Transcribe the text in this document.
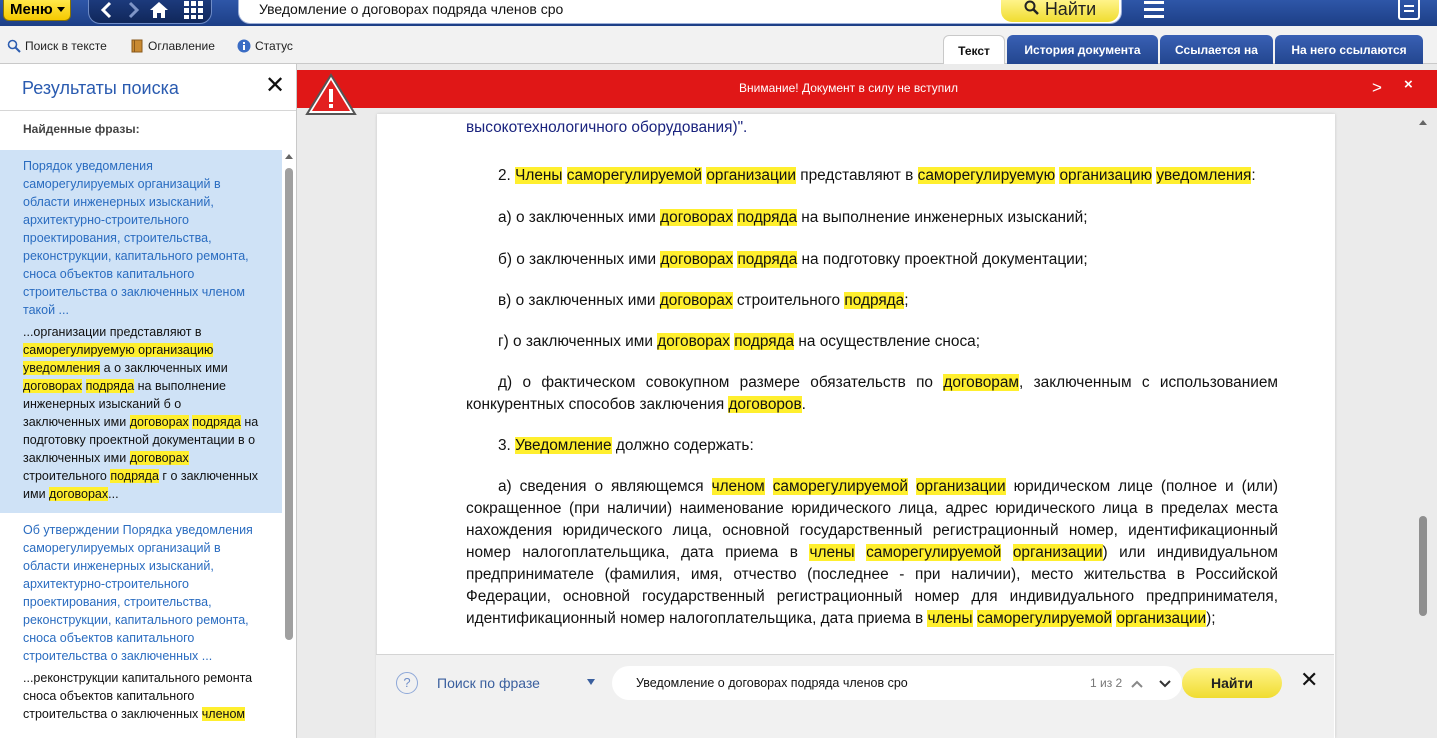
Меню	Уведомление о договорах подряда членов сро	Найти
Поиск в тексте	Оглавление	Статус	Текст	История документа	Ссылается на	На него ссылаются
Результаты поиска	✕
Найденные фразы:
Порядок уведомления саморегулируемых организаций в области инженерных изысканий, архитектурно-строительного проектирования, строительства, реконструкции, капитального ремонта, сноса объектов капитального строительства о заключенных членом такой ...
...организации представляют в саморегулируемую организацию уведомления а о заключенных ими договорах подряда на выполнение инженерных изысканий б о заключенных ими договорах подряда на подготовку проектной документации в о заключенных ими договорах строительного подряда г о заключенных ими договорах...
Об утверждении Порядка уведомления саморегулируемых организаций в области инженерных изысканий, архитектурно-строительного проектирования, строительства, реконструкции, капитального ремонта, сноса объектов капитального строительства о заключенных ...
...реконструкции капитального ремонта сноса объектов капитального строительства о заключенных членом

высокотехнологичного оборудования)".

2. Члены саморегулируемой организации представляют в саморегулируемую организацию уведомления:

а) о заключенных ими договорах подряда на выполнение инженерных изысканий;

б) о заключенных ими договорах подряда на подготовку проектной документации;

в) о заключенных ими договорах строительного подряда;

г) о заключенных ими договорах подряда на осуществление сноса;

д) о фактическом совокупном размере обязательств по договорам, заключенным с использованием конкурентных способов заключения договоров.

3. Уведомление должно содержать:

а) сведения о являющемся членом саморегулируемой организации юридическом лице (полное и (или) сокращенное (при наличии) наименование юридического лица, адрес юридического лица в пределах места нахождения юридического лица, основной государственный регистрационный номер, идентификационный номер налогоплательщика, дата приема в члены саморегулируемой организации) или индивидуальном предпринимателе (фамилия, имя, отчество (последнее - при наличии), место жительства в Российской Федерации, основной государственный регистрационный номер для индивидуального предпринимателя, идентификационный номер налогоплательщика, дата приема в члены саморегулируемой организации);

Внимание! Документ в силу не вступил	> ×
?	Поиск по фразе	Уведомление о договорах подряда членов сро	1 из 2	Найти	✕
